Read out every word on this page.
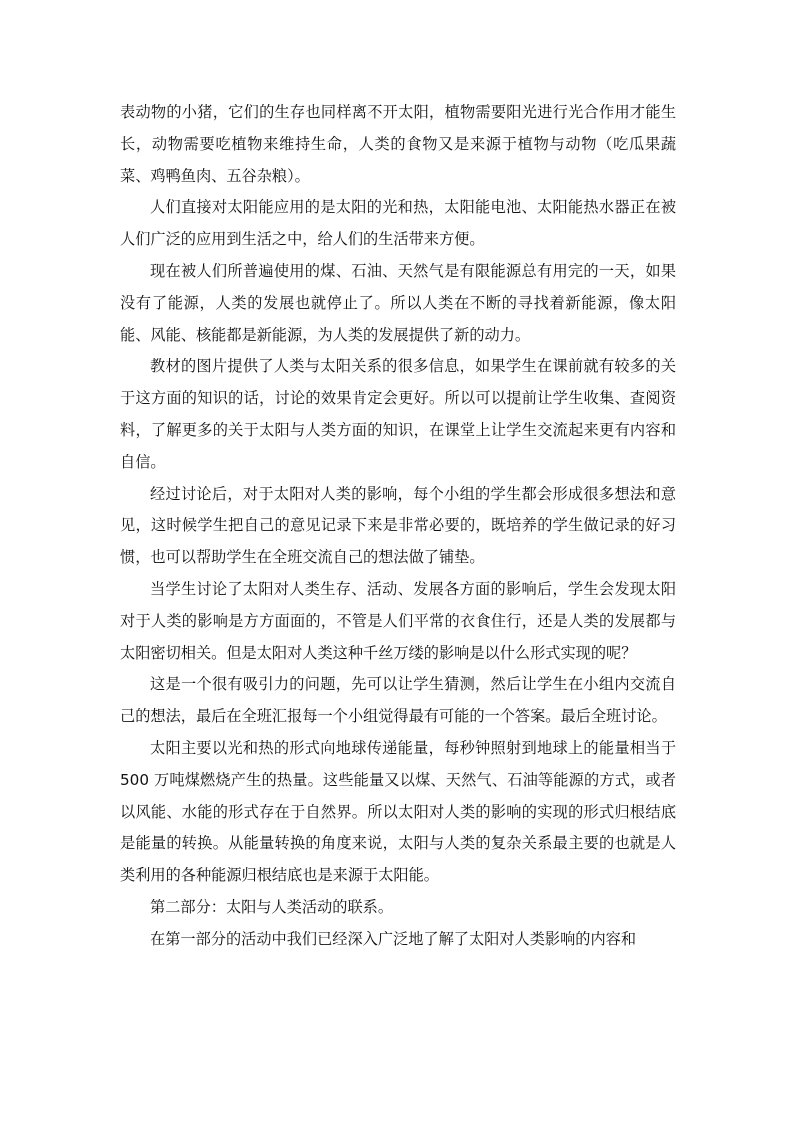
表动物的小猪，它们的生存也同样离不开太阳，植物需要阳光进行光合作用才能生长，动物需要吃植物来维持生命，人类的食物又是来源于植物与动物（吃瓜果蔬菜、鸡鸭鱼肉、五谷杂粮）。

人们直接对太阳能应用的是太阳的光和热，太阳能电池、太阳能热水器正在被人们广泛的应用到生活之中，给人们的生活带来方便。

现在被人们所普遍使用的煤、石油、天然气是有限能源总有用完的一天，如果没有了能源，人类的发展也就停止了。所以人类在不断的寻找着新能源，像太阳能、风能、核能都是新能源，为人类的发展提供了新的动力。

教材的图片提供了人类与太阳关系的很多信息，如果学生在课前就有较多的关于这方面的知识的话，讨论的效果肯定会更好。所以可以提前让学生收集、查阅资料，了解更多的关于太阳与人类方面的知识，在课堂上让学生交流起来更有内容和自信。

经过讨论后，对于太阳对人类的影响，每个小组的学生都会形成很多想法和意见，这时候学生把自己的意见记录下来是非常必要的，既培养的学生做记录的好习惯，也可以帮助学生在全班交流自己的想法做了铺垫。

当学生讨论了太阳对人类生存、活动、发展各方面的影响后，学生会发现太阳对于人类的影响是方方面面的，不管是人们平常的衣食住行，还是人类的发展都与太阳密切相关。但是太阳对人类这种千丝万缕的影响是以什么形式实现的呢？

这是一个很有吸引力的问题，先可以让学生猜测，然后让学生在小组内交流自己的想法，最后在全班汇报每一个小组觉得最有可能的一个答案。最后全班讨论。

太阳主要以光和热的形式向地球传递能量，每秒钟照射到地球上的能量相当于 500 万吨煤燃烧产生的热量。这些能量又以煤、天然气、石油等能源的方式，或者以风能、水能的形式存在于自然界。所以太阳对人类的影响的实现的形式归根结底是能量的转换。从能量转换的角度来说，太阳与人类的复杂关系最主要的也就是人类利用的各种能源归根结底也是来源于太阳能。

第二部分：太阳与人类活动的联系。

在第一部分的活动中我们已经深入广泛地了解了太阳对人类影响的内容和
